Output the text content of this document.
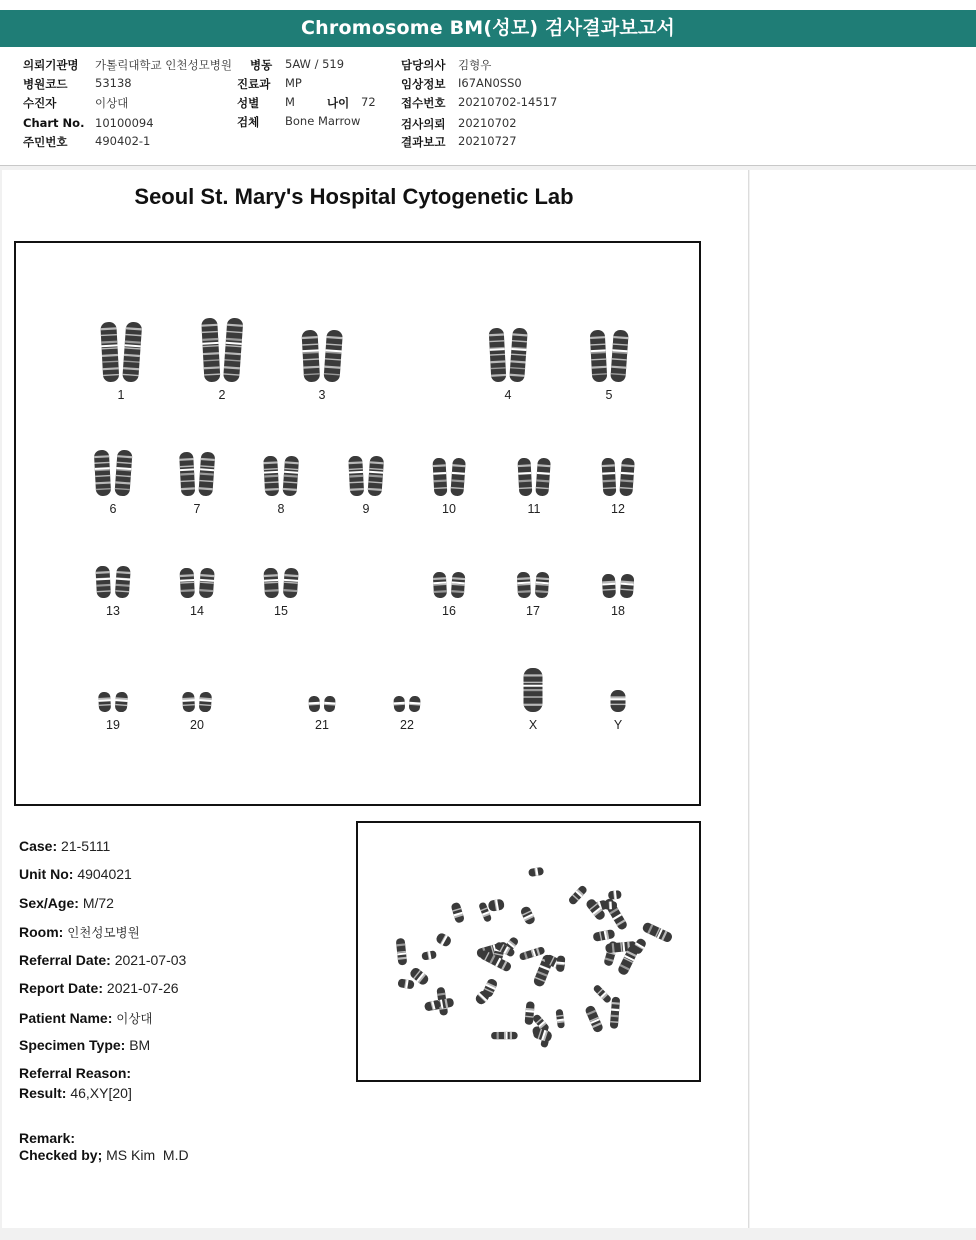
Chromosome BM(성모) 검사결과보고서
의뢰기관명 가톨릭대학교 인천성모병원
병원코드 53138
수진자	이상대
Chart No. 10100094
주민번호 490402-1
병동 5AW / 519
진료과 MP
성별 M	나이 72
검체 Bone Marrow
담당의사 김형우
임상정보 I67AN0SS0
접수번호 20210702-14517
검사의뢰 20210702
결과보고 20210727
Seoul St. Mary's Hospital Cytogenetic Lab
1	2	3	4	5
6	7	8	9	10	11	12
13	14	15	16	17	18
19	20	21	22	X	Y
Case: 21-5111
Unit No: 4904021
Sex/Age: M/72
Room: 인천성모병원
Referral Date: 2021-07-03
Report Date: 2021-07-26
Patient Name: 이상대
Specimen Type: BM
Referral Reason:
Result: 46,XY[20]
Remark:
Checked by; MS Kim  M.D
